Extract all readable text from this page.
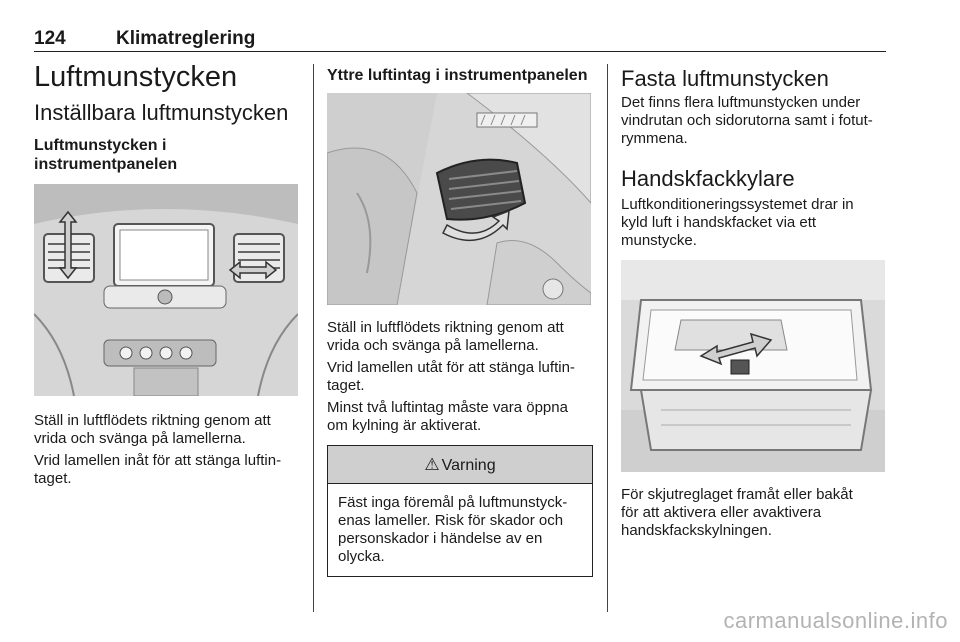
124	Klimatreglering
Luftmunstycken
Inställbara luftmunstycken
Luftmunstycken i
instrumentpanelen

Ställ in luftflödets riktning genom att
vrida och svänga på lamellerna.

Vrid lamellen inåt för att stänga luftin‐
taget.

Yttre luftintag i instrumentpanelen

Ställ in luftflödets riktning genom att
vrida och svänga på lamellerna.

Vrid lamellen utåt för att stänga luftin‐
taget.

Minst två luftintag måste vara öppna
om kylning är aktiverat.

⚠ Varning
Fäst inga föremål på luftmunstyck‐
enas lameller. Risk för skador och
personskador i händelse av en
olycka.
Fasta luftmunstycken

Det finns flera luftmunstycken under
vindrutan och sidorutorna samt i fotut‐
rymmena.

Handskfackkylare

Luftkonditioneringssystemet drar in
kyld luft i handskfacket via ett
munstycke.

För skjutreglaget framåt eller bakåt
för att aktivera eller avaktivera
handskfackskylningen.

carmanualsonline.info
